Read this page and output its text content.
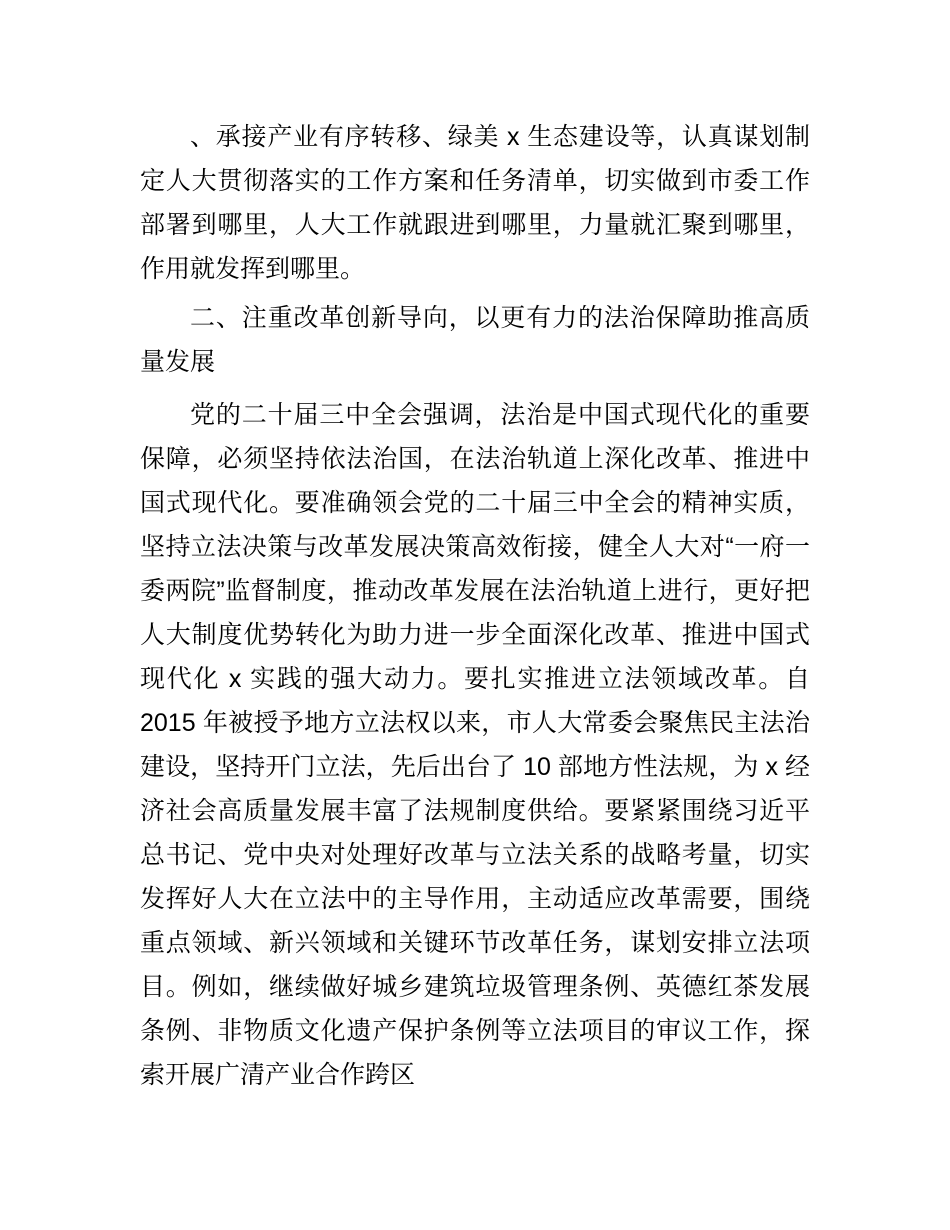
、承接产业有序转移、绿美 x 生态建设等，认真谋划制定人大贯彻落实的工作方案和任务清单，切实做到市委工作部署到哪里，人大工作就跟进到哪里，力量就汇聚到哪里，作用就发挥到哪里。

二、注重改革创新导向，以更有力的法治保障助推高质量发展

党的二十届三中全会强调，法治是中国式现代化的重要保障，必须坚持依法治国，在法治轨道上深化改革、推进中国式现代化。要准确领会党的二十届三中全会的精神实质，坚持立法决策与改革发展决策高效衔接，健全人大对“一府一委两院”监督制度，推动改革发展在法治轨道上进行，更好把人大制度优势转化为助力进一步全面深化改革、推进中国式现代化 x 实践的强大动力。要扎实推进立法领域改革。自 2015 年被授予地方立法权以来，市人大常委会聚焦民主法治建设，坚持开门立法，先后出台了 10 部地方性法规，为 x 经济社会高质量发展丰富了法规制度供给。要紧紧围绕习近平总书记、党中央对处理好改革与立法关系的战略考量，切实发挥好人大在立法中的主导作用，主动适应改革需要，围绕重点领域、新兴领域和关键环节改革任务，谋划安排立法项目。例如，继续做好城乡建筑垃圾管理条例、英德红茶发展条例、非物质文化遗产保护条例等立法项目的审议工作，探索开展广清产业合作跨区
